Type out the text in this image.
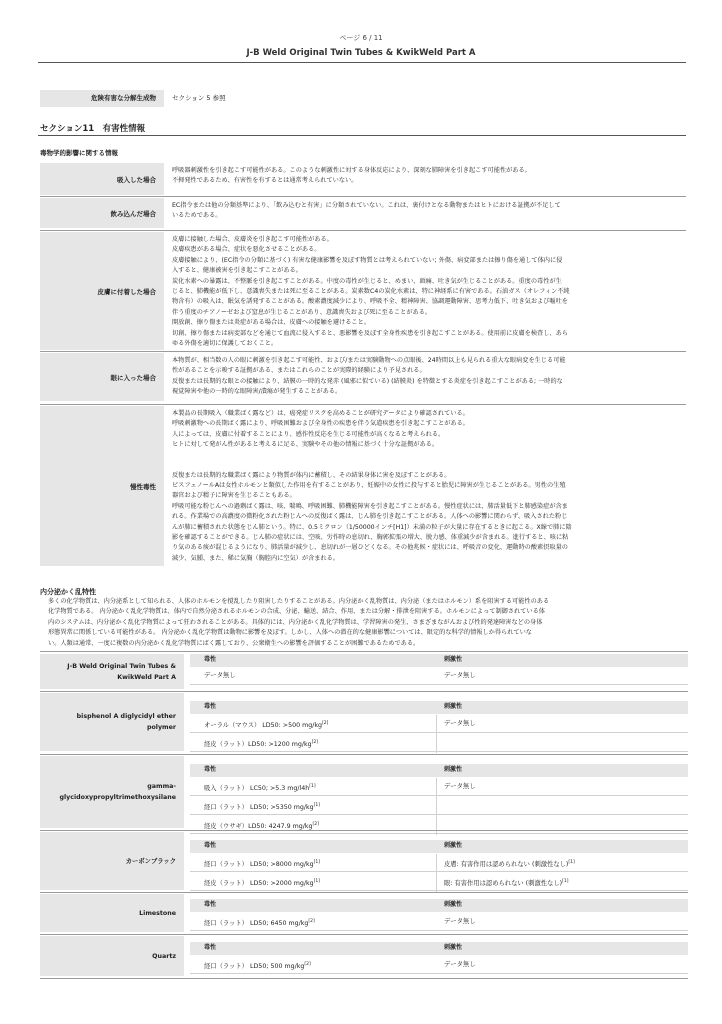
ページ 6 / 11
J-B Weld Original Twin Tubes & KwikWeld Part A
危険有害な分解生成物	セクション 5 参照
セクション11　有害性情報
毒物学的影響に関する情報
吸入した場合
呼吸器刺激性を引き起こす可能性がある。このような刺激性に対する身体反応により、深刻な肺障害を引き起こす可能性がある。
不揮発性であるため、有害性を有するとは通常考えられていない。
飲み込んだ場合
EC指令または他の分類基準により、「飲み込むと有害」に分類されていない。これは、裏付けとなる動物またはヒトにおける証拠が不足して
いるためである。
皮膚に付着した場合
皮膚に接触した場合、皮膚炎を引き起こす可能性がある。
皮膚疾患がある場合、症状を悪化させることがある。
皮膚接触により、(EC指令の分類に基づく) 有害な健康影響を及ぼす物質とは考えられていない; 外傷、病変部または擦り傷を通して体内に侵
入すると、健康被害を引き起こすことがある。
炭化水素への暴露は、不整脈を引き起こすことがある。中度の毒性が生じると、めまい、頭痛、吐き気が生じることがある。重度の毒性が生
じると、肺機能が低下し、意識喪失または死に至ることがある。炭素数C4の炭化水素は、特に神経系に有害である。石油ガス（オレフィン不純
物含有）の吸入は、眠気を誘発することがある。酸素濃度減少により、呼吸不全、精神障害、協調運動障害、思考力低下、吐き気および嘔吐を
伴う重度のチアノーゼおよび窒息が生じることがあり、意識喪失および死に至ることがある。
開放創、擦り傷または炎症がある場合は、皮膚への接触を避けること。
切創、擦り傷または病変部などを通じて血流に侵入すると、悪影響を及ぼす全身性疾患を引き起こすことがある。使用前に皮膚を検査し、あら
ゆる外傷を適切に保護しておくこと。
眼に入った場合
本物質が、相当数の人の眼に刺激を引き起こす可能性、および/または実験動物への点眼後、24時間以上も見られる重大な眼病変を生じる可能
性があることを示唆する証拠がある、またはこれらのことが実際的経験により予見される。
反復または長期的な眼との接触により、結膜の一時的な発赤 (風邪に似ている) (結膜炎) を特徴とする炎症を引き起こすことがある; 一時的な
視覚障害や他の一時的な眼障害/潰瘍が発生することがある。
慢性毒性
本製品の長期吸入（職業ばく露など）は、癌発症リスクを高めることが研究データにより確認されている。
呼吸刺激物への長期ばく露により、呼吸困難および全身性の疾患を伴う気道疾患を引き起こすことがある。
人によっては、皮膚に付着することにより、感作性反応を生じる可能性が高くなると考えられる。
ヒトに対して発がん性があると考えるに足る、実験やその他の情報に基づく十分な証拠がある。
反復または長期的な職業ばく露により物質が体内に蓄積し、その結果身体に害を及ぼすことがある。
ビスフェノールAは女性ホルモンと類似した作用を有することがあり、妊娠中の女性に投与すると胎児に障害が生じることがある。男性の生殖
器官および精子に障害を生じることもある。
呼吸可能な粉じんへの過剰ばく露は、咳、喘鳴、呼吸困難、肺機能障害を引き起こすことがある。慢性症状には、肺活量低下と肺感染症が含ま
れる。作業場での高濃度の微粉化された粉じんへの反復ばく露は、じん肺を引き起こすことがある。人体への影響に関わらず、吸入された粉じ
んが肺に蓄積された状態をじん肺という。特に、0.5ミクロン（1/50000インチ[H1]）未満の粒子が大量に存在するときに起こる。X線で肺に陰
影を確認することができる。じん肺の症状には、空咳、労作時の息切れ、胸郭拡張の増大、脱力感、体重減少が含まれる。進行すると、咳に粘
り気のある痰が混じるようになり、肺活量が減少し、息切れが一層ひどくなる。その他兆候・症状には、呼吸音の変化、運動時の酸素摂取量の
減少、気腫、また、稀に気胸（胸腔内に空気）が含まれる。
内分泌かく乱特性
多くの化学物質は、内分泌系として知られる、人体のホルモンを撹乱したり阻害したりすることがある。内分泌かく乱物質は、内分泌（またはホルモン）系を阻害する可能性のある
化学物質である。 内分泌かく乱化学物質は、体内で自然分泌されるホルモンの合成、分泌、輸送、結合、作用、または分解・排泄を阻害する。ホルモンによって制御されている体
内のシステムは、内分泌かく乱化学物質によって狂わされることがある。具体的には、内分泌かく乱化学物質は、学習障害の発生、さまざまながんおよび性的発達障害などの身体
形態異常に関係している可能性がある。 内分泌かく乱化学物質は動物に影響を及ぼす。しかし、人体への潜在的な健康影響については、限定的な科学的情報しか得られていな
い。人類は通常、一度に複数の内分泌かく乱化学物質にばく露しており、公衆衛生への影響を評価することが困難であるためである。
J-B Weld Original Twin Tubes &
KwikWeld Part A
毒性	刺激性
データ無し	データ無し
bisphenol A diglycidyl ether
polymer
毒性	刺激性
オーラル（マウス） LD50: >500 mg/kg[2]	データ無し
経皮（ラット）LD50: >1200 mg/kg[2]
gamma-
glycidoxypropyltrimethoxysilane
毒性	刺激性
吸入（ラット） LC50; >5.3 mg/l4h[1]	データ無し
経口（ラット） LD50; >5350 mg/kg[1]
経皮（ウサギ）LD50: 4247.9 mg/kg[2]
カーボンブラック
毒性	刺激性
経口（ラット） LD50; >8000 mg/kg[1]	皮膚: 有害作用は認められない (刺激性なし)[1]
経皮（ラット） LD50: >2000 mg/kg[1]	眼: 有害作用は認められない (刺激性なし)[1]
Limestone
毒性	刺激性
経口（ラット） LD50; 6450 mg/kg[2]	データ無し
Quartz
毒性	刺激性
経口（ラット） LD50; 500 mg/kg[2]	データ無し
